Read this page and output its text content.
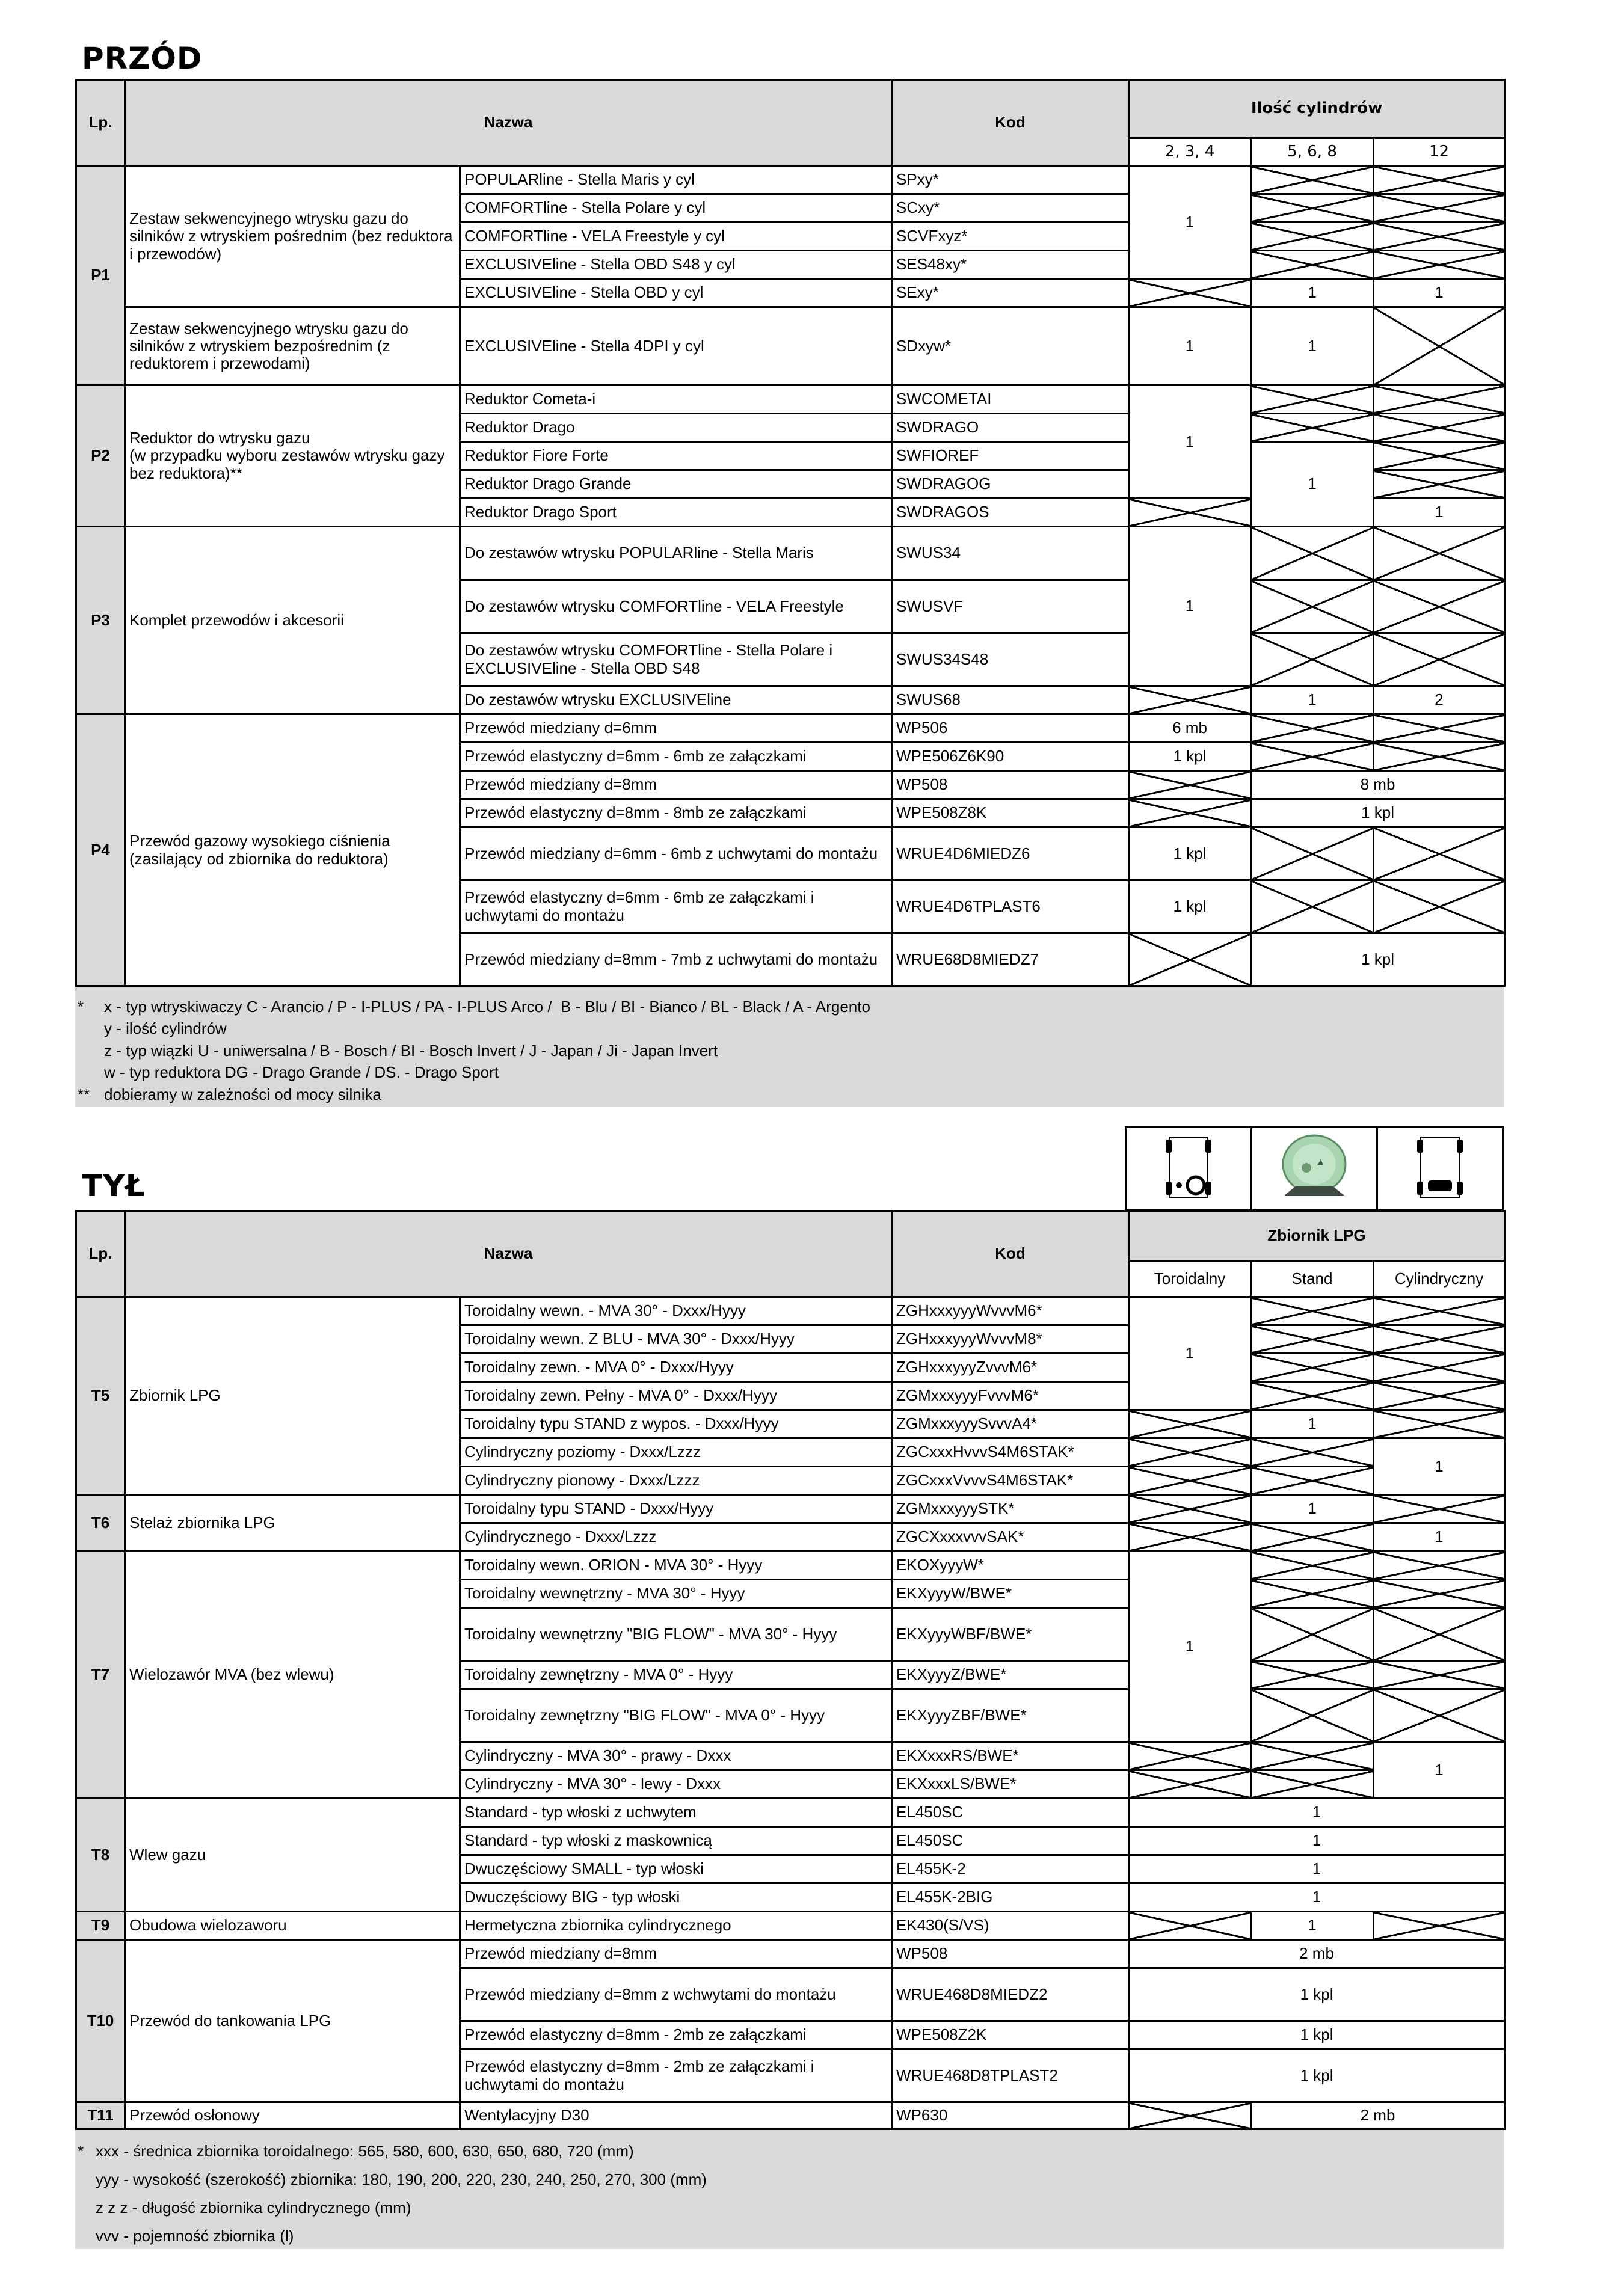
PRZÓD
Lp.	Nazwa		Kod	Ilość cylindrów		
				2, 3, 4	5, 6, 8	12
P1	Zestaw sekwencyjnego wtrysku gazu do silników z wtryskiem pośrednim (bez reduktora i przewodów)	POPULARline - Stella Maris y cyl	SPxy*	1		
		COMFORTline - Stella Polare y cyl	SCxy*			
		COMFORTline - VELA Freestyle y cyl	SCVFxyz*			
		EXCLUSIVEline - Stella OBD S48 y cyl	SES48xy*			
		EXCLUSIVEline - Stella OBD y cyl	SExy*		1	1
	Zestaw sekwencyjnego wtrysku gazu do silników z wtryskiem bezpośrednim (z reduktorem i przewodami)	EXCLUSIVEline - Stella 4DPI y cyl	SDxyw*	1	1	
P2	Reduktor do wtrysku gazu
(w przypadku wyboru zestawów wtrysku gazy bez reduktora)**	Reduktor Cometa-i	SWCOMETAI	1		
		Reduktor Drago	SWDRAGO			
		Reduktor Fiore Forte	SWFIOREF		1	
		Reduktor Drago Grande	SWDRAGOG			
		Reduktor Drago Sport	SWDRAGOS			1
P3	Komplet przewodów i akcesorii	Do zestawów wtrysku POPULARline - Stella Maris	SWUS34	1		
		Do zestawów wtrysku COMFORTline - VELA Freestyle	SWUSVF			
		Do zestawów wtrysku COMFORTline - Stella Polare i EXCLUSIVEline - Stella OBD S48	SWUS34S48			
		Do zestawów wtrysku EXCLUSIVEline	SWUS68		1	2
P4	Przewód gazowy wysokiego ciśnienia (zasilający od zbiornika do reduktora)	Przewód miedziany d=6mm	WP506	6 mb		
		Przewód elastyczny d=6mm - 6mb ze załączkami	WPE506Z6K90	1 kpl		
		Przewód miedziany d=8mm	WP508		8 mb	
		Przewód elastyczny d=8mm - 8mb ze załączkami	WPE508Z8K		1 kpl	
		Przewód miedziany d=6mm - 6mb z uchwytami do montażu	WRUE4D6MIEDZ6	1 kpl		
		Przewód elastyczny d=6mm - 6mb ze załączkami i uchwytami do montażu	WRUE4D6TPLAST6	1 kpl		
		Przewód miedziany d=8mm - 7mb z uchwytami do montażu	WRUE68D8MIEDZ7		1 kpl	
* x - typ wtryskiwaczy C - Arancio / P - I-PLUS / PA - I-PLUS Arco /  B - Blu / BI - Bianco / BL - Black / A - Argento
y - ilość cylindrów
z - typ wiązki U - uniwersalna / B - Bosch / BI - Bosch Invert / J - Japan / Ji - Japan Invert
w - typ reduktora DG - Drago Grande / DS. - Drago Sport
** dobieramy w zależności od mocy silnika

TYŁ
Lp.	Nazwa		Kod	Zbiornik LPG		
				Toroidalny	Stand	Cylindryczny
T5	Zbiornik LPG	Toroidalny wewn. - MVA 30° - Dxxx/Hyyy	ZGHxxxyyyWvvvM6*	1		
		Toroidalny wewn. Z BLU - MVA 30° - Dxxx/Hyyy	ZGHxxxyyyWvvvM8*			
		Toroidalny zewn. - MVA 0° - Dxxx/Hyyy	ZGHxxxyyyZvvvM6*			
		Toroidalny zewn. Pełny - MVA 0° - Dxxx/Hyyy	ZGMxxxyyyFvvvM6*			
		Toroidalny typu STAND z wypos. - Dxxx/Hyyy	ZGMxxxyyySvvvA4*		1	
		Cylindryczny poziomy - Dxxx/Lzzz	ZGCxxxHvvvS4M6STAK*			1
		Cylindryczny pionowy - Dxxx/Lzzz	ZGCxxxVvvvS4M6STAK*			
T6	Stelaż zbiornika LPG	Toroidalny typu STAND - Dxxx/Hyyy	ZGMxxxyyySTK*		1	
		Cylindrycznego - Dxxx/Lzzz	ZGCXxxxvvvSAK*			1
T7	Wielozawór MVA (bez wlewu)	Toroidalny wewn. ORION - MVA 30° - Hyyy	EKOXyyyW*	1		
		Toroidalny wewnętrzny - MVA 30° - Hyyy	EKXyyyW/BWE*			
		Toroidalny wewnętrzny "BIG FLOW" - MVA 30° - Hyyy	EKXyyyWBF/BWE*			
		Toroidalny zewnętrzny - MVA 0° - Hyyy	EKXyyyZ/BWE*			
		Toroidalny zewnętrzny "BIG FLOW" - MVA 0° - Hyyy	EKXyyyZBF/BWE*			
		Cylindryczny - MVA 30° - prawy - Dxxx	EKXxxxRS/BWE*			1
		Cylindryczny - MVA 30° - lewy - Dxxx	EKXxxxLS/BWE*			
T8	Wlew gazu	Standard - typ włoski z uchwytem	EL450SC	1		
		Standard - typ włoski z maskownicą	EL450SC	1		
		Dwuczęściowy SMALL - typ włoski	EL455K-2	1		
		Dwuczęściowy BIG - typ włoski	EL455K-2BIG	1		
T9	Obudowa wielozaworu	Hermetyczna zbiornika cylindrycznego	EK430(S/VS)		1	
T10	Przewód do tankowania LPG	Przewód miedziany d=8mm	WP508	2 mb		
		Przewód miedziany d=8mm z wchwytami do montażu	WRUE468D8MIEDZ2	1 kpl		
		Przewód elastyczny d=8mm - 2mb ze załączkami	WPE508Z2K	1 kpl		
		Przewód elastyczny d=8mm - 2mb ze załączkami i uchwytami do montażu	WRUE468D8TPLAST2	1 kpl		
T11	Przewód osłonowy	Wentylacyjny D30	WP630		2 mb	
* xxx - średnica zbiornika toroidalnego: 565, 580, 600, 630, 650, 680, 720 (mm)
yyy - wysokość (szerokość) zbiornika: 180, 190, 200, 220, 230, 240, 250, 270, 300 (mm)
z z z - długość zbiornika cylindrycznego (mm)
vvv - pojemność zbiornika (l)
